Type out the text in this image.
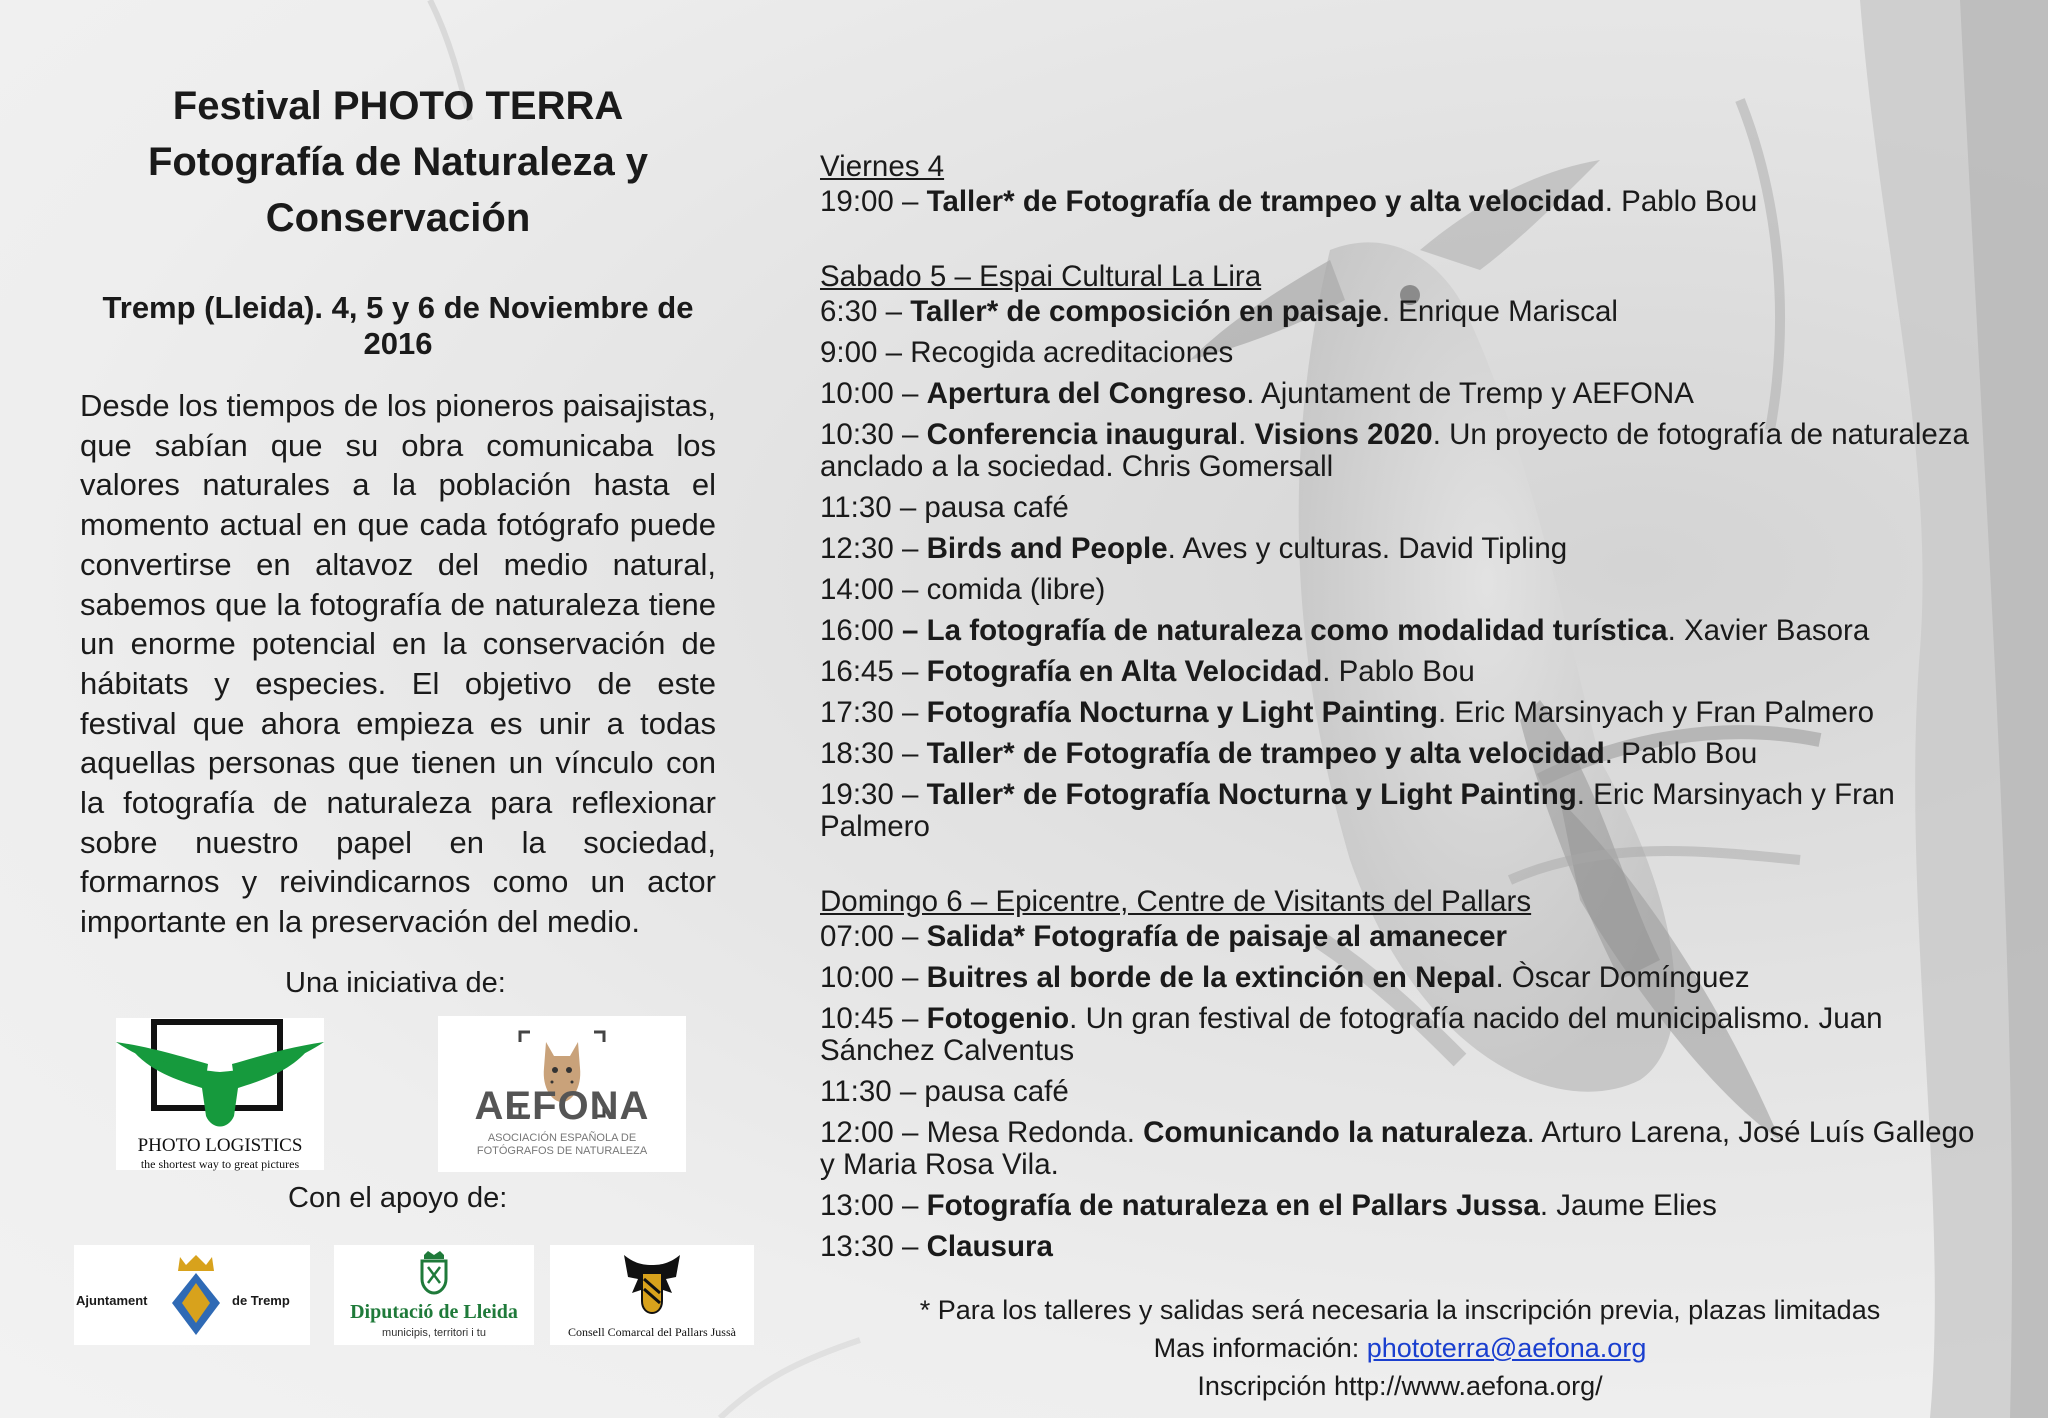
Festival PHOTO TERRA
Fotografía de Naturaleza y
Conservación

Tremp (Lleida). 4, 5 y 6 de Noviembre de 2016
Desde los tiempos de los pioneros paisajistas, que sabían que su obra comunicaba los valores naturales a la población hasta el momento actual en que cada fotógrafo puede convertirse en altavoz del medio natural, sabemos que la fotografía de naturaleza tiene un enorme potencial en la conservación de hábitats y especies. El objetivo de este festival que ahora empieza es unir a todas aquellas personas que tienen un vínculo con la fotografía de naturaleza para reflexionar sobre nuestro papel en la sociedad, formarnos y reivindicarnos como un actor importante en la preservación del medio.
Una iniciativa de:
PHOTO LOGISTICS
the shortest way to great pictures
AEFONA
ASOCIACIÓN ESPAÑOLA DE
FOTÓGRAFOS DE NATURALEZA
Con el apoyo de:
Ajuntament	de Tremp
Diputació de Lleida
municipis, territori i tu	Consell Comarcal del Pallars Jussà
Viernes 4
19:00 – Taller* de Fotografía de trampeo y alta velocidad. Pablo Bou
Sabado 5 – Espai Cultural La Lira
6:30 – Taller* de composición en paisaje. Enrique Mariscal
9:00 – Recogida acreditaciones
10:00 – Apertura del Congreso. Ajuntament de Tremp y AEFONA
10:30 – Conferencia inaugural. Visions 2020. Un proyecto de fotografía de naturaleza anclado a la sociedad. Chris Gomersall
11:30 – pausa café
12:30 – Birds and People. Aves y culturas. David Tipling
14:00 – comida (libre)
16:00 – La fotografía de naturaleza como modalidad turística. Xavier Basora
16:45 – Fotografía en Alta Velocidad. Pablo Bou
17:30 – Fotografía Nocturna y Light Painting. Eric Marsinyach y Fran Palmero
18:30 – Taller* de Fotografía de trampeo y alta velocidad. Pablo Bou
19:30 – Taller* de Fotografía Nocturna y Light Painting. Eric Marsinyach y Fran Palmero
Domingo 6 – Epicentre, Centre de Visitants del Pallars
07:00 – Salida* Fotografía de paisaje al amanecer
10:00 – Buitres al borde de la extinción en Nepal. Òscar Domínguez
10:45 – Fotogenio. Un gran festival de fotografía nacido del municipalismo. Juan Sánchez Calventus
11:30 – pausa café
12:00 – Mesa Redonda. Comunicando la naturaleza. Arturo Larena, José Luís Gallego y Maria Rosa Vila.
13:00 – Fotografía de naturaleza en el Pallars Jussa. Jaume Elies
13:30 – Clausura
* Para los talleres y salidas será necesaria la inscripción previa, plazas limitadas
Mas información: phototerra@aefona.org
Inscripción http://www.aefona.org/
